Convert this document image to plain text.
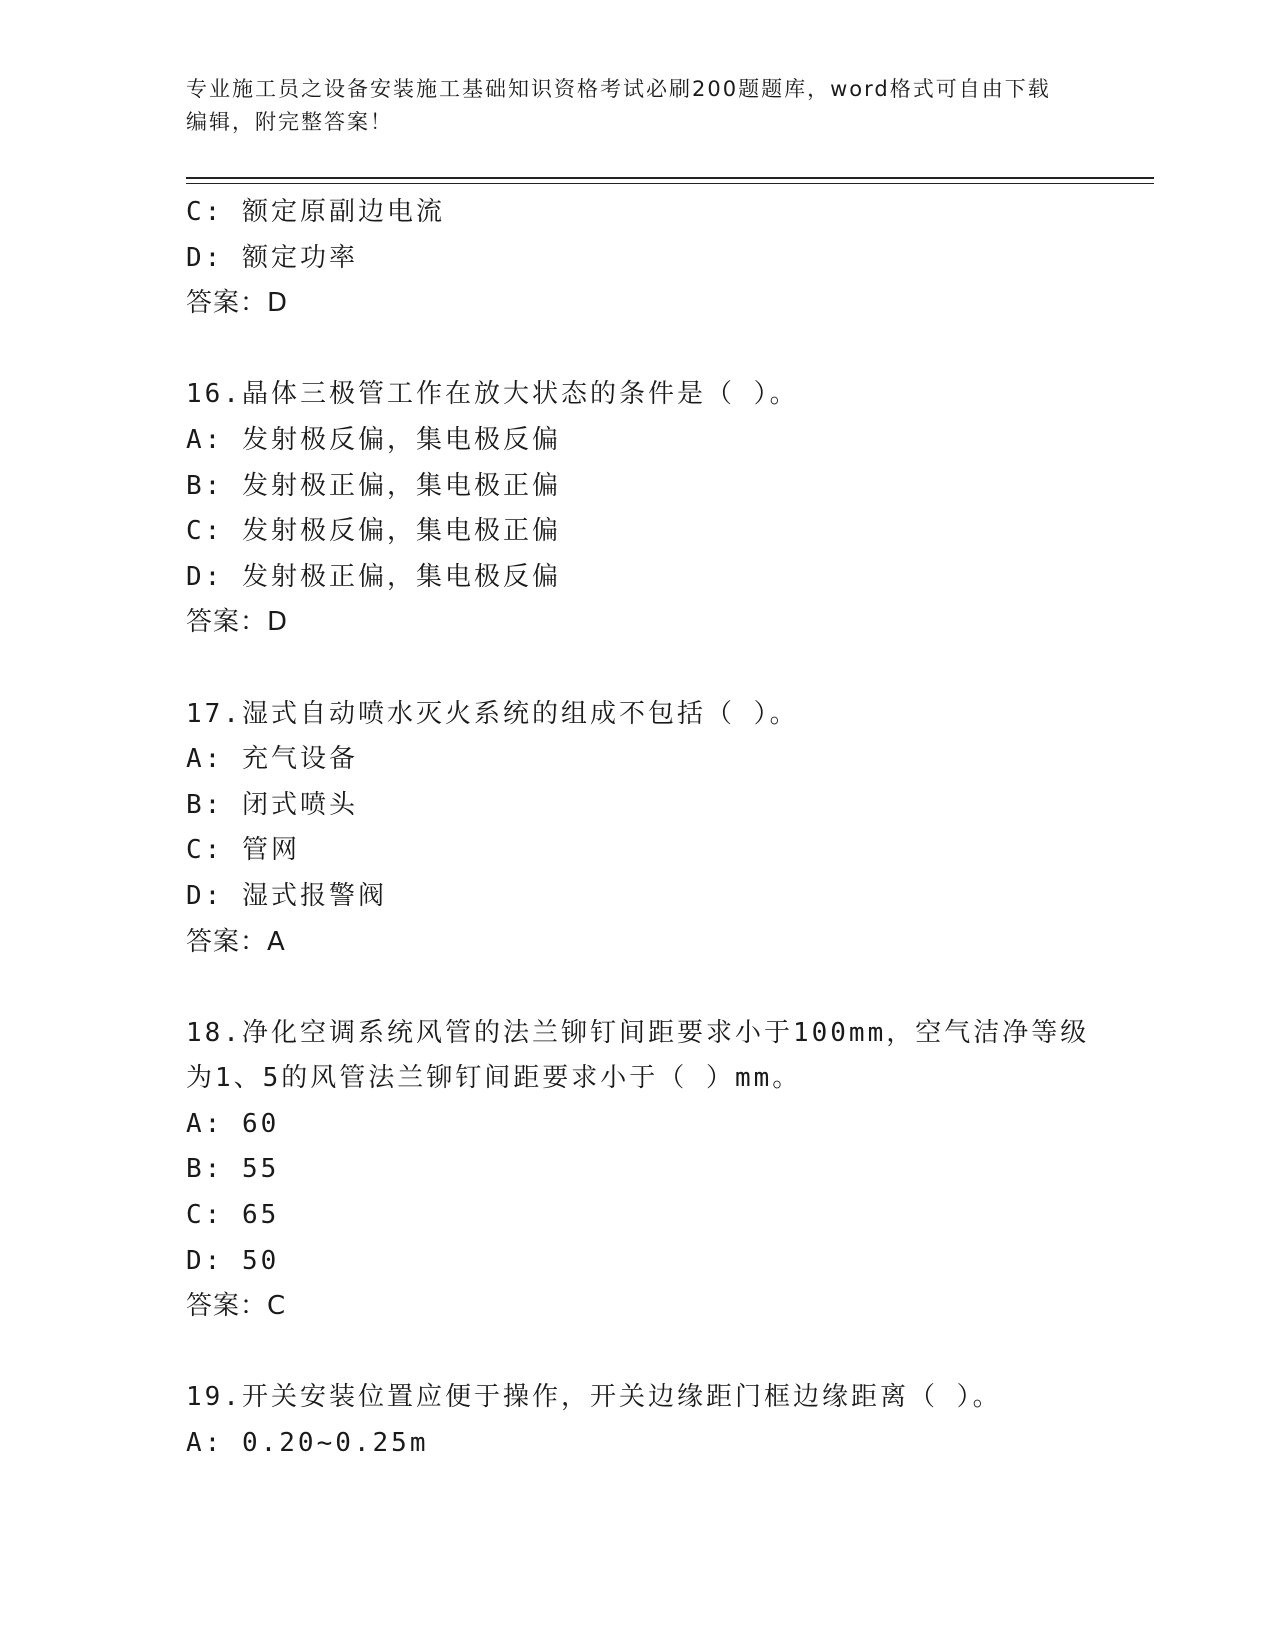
专业施工员之设备安装施工基础知识资格考试必刷200题题库，word格式可自由下载编辑，附完整答案！
C: 额定原副边电流
D: 额定功率
答案：D
16.晶体三极管工作在放大状态的条件是（ ）。
A: 发射极反偏，集电极反偏
B: 发射极正偏，集电极正偏
C: 发射极反偏，集电极正偏
D: 发射极正偏，集电极反偏
答案：D
17.湿式自动喷水灭火系统的组成不包括（ ）。
A: 充气设备
B: 闭式喷头
C: 管网
D: 湿式报警阀
答案：A
18.净化空调系统风管的法兰铆钉间距要求小于100mm，空气洁净等级
为1、5的风管法兰铆钉间距要求小于（ ）mm。
A: 60
B: 55
C: 65
D: 50
答案：C
19.开关安装位置应便于操作，开关边缘距门框边缘距离（ ）。
A: 0.20~0.25m
